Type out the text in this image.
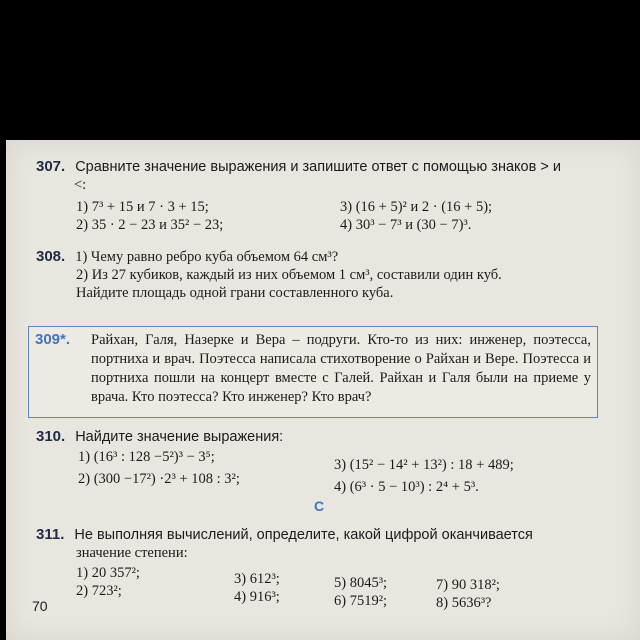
307. Сравните значение выражения и запишите ответ с помощью знаков > и
<:
1) 7³ + 15 и 7 · 3 + 15;
2) 35 · 2 − 23 и 35² − 23;
3) (16 + 5)² и 2 · (16 + 5);
4) 30³ − 7³ и (30 − 7)³.
308. 1) Чему равно ребро куба объемом 64 см³?
2) Из 27 кубиков, каждый из них объемом 1 см³, составили один куб.
Найдите площадь одной грани составленного куба.
309*. Райхан, Галя, Назерке и Вера – подруги. Кто-то из них: инженер, поэтесса, портниха и врач. Поэтесса написала стихотворение о Райхан и Вере. Поэтесса и портниха пошли на концерт вместе с Галей. Райхан и Галя были на приеме у врача. Кто поэтесса? Кто инженер? Кто врач?
310. Найдите значение выражения:
1) (16³ : 128 −5²)³ − 3⁵;
2) (300 −17²) ·2³ + 108 : 3²;
3) (15² − 14² + 13²) : 18 + 489;
4) (6³ · 5 − 10³) : 2⁴ + 5³.
C
311. Не выполняя вычислений, определите, какой цифрой оканчивается
значение степени:
1) 20 357²;
2) 723²;
3) 612³;
4) 916³;
5) 8045³;
6) 7519²;
7) 90 318²;
8) 5636³?
70
